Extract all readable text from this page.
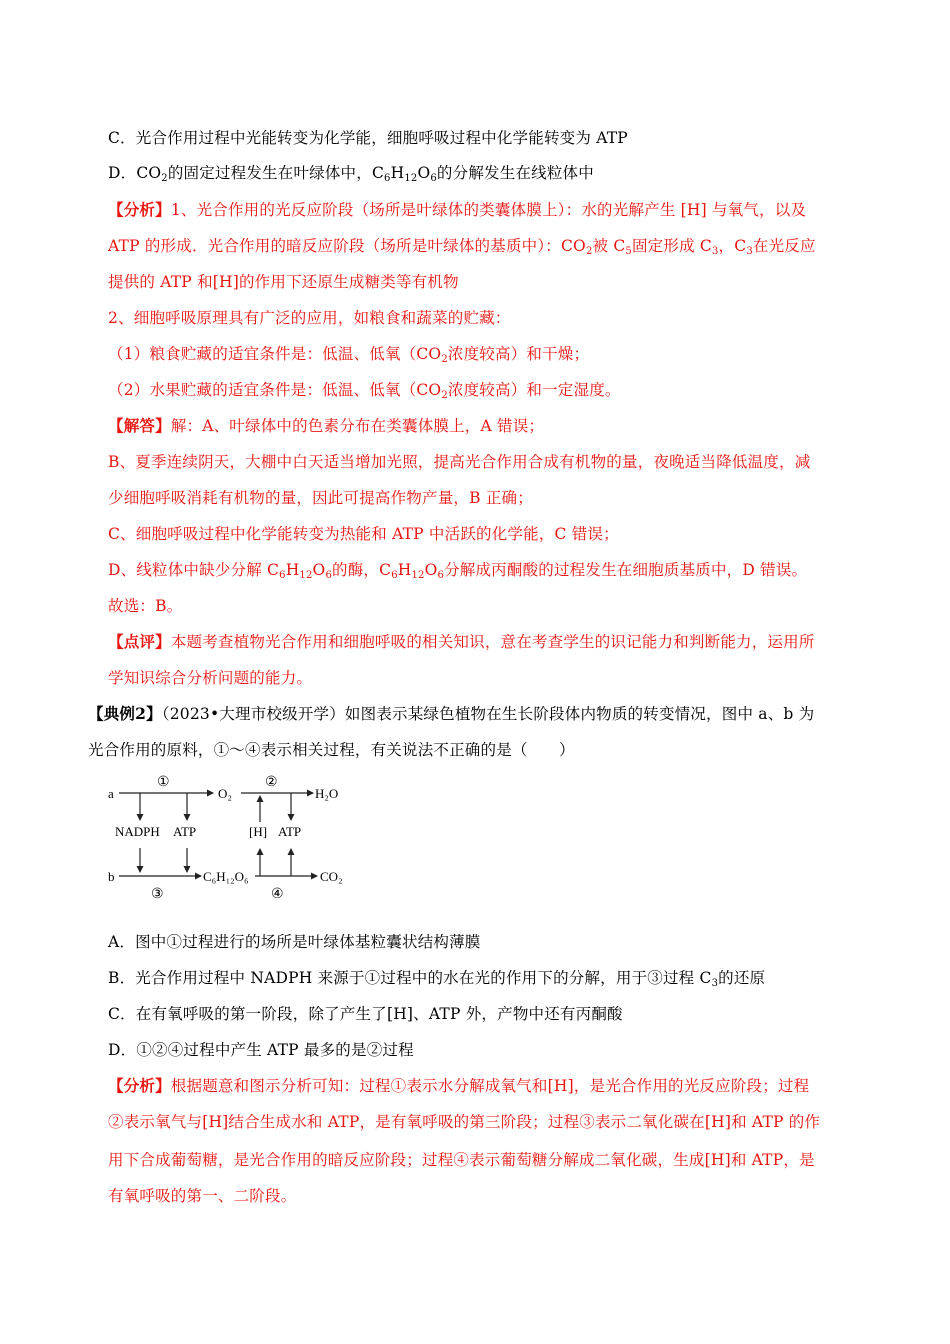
C．光合作用过程中光能转变为化学能，细胞呼吸过程中化学能转变为 ATP
D．$CO_2$的固定过程发生在叶绿体中，$C_6H_{12}O_6$的分解发生在线粒体中
【分析】1、光合作用的光反应阶段（场所是叶绿体的类囊体膜上）：水的光解产生 [H] 与氧气，以及
ATP 的形成．光合作用的暗反应阶段（场所是叶绿体的基质中）：$CO_2$被 $C_5$固定形成 $C_3$，$C_3$在光反应
提供的 ATP 和[H]的作用下还原生成糖类等有机物
2、细胞呼吸原理具有广泛的应用，如粮食和蔬菜的贮藏：
（1）粮食贮藏的适宜条件是：低温、低氧（$CO_2$浓度较高）和干燥；
（2）水果贮藏的适宜条件是：低温、低氧（$CO_2$浓度较高）和一定湿度。
【解答】解：A、叶绿体中的色素分布在类囊体膜上，A 错误；
B、夏季连续阴天，大棚中白天适当增加光照，提高光合作用合成有机物的量，夜晚适当降低温度，减
少细胞呼吸消耗有机物的量，因此可提高作物产量，B 正确；
C、细胞呼吸过程中化学能转变为热能和 ATP 中活跃的化学能，C 错误；
D、线粒体中缺少分解 $C_6H_{12}O_6$的酶，$C_6H_{12}O_6$分解成丙酮酸的过程发生在细胞质基质中，D 错误。
故选：B。
【点评】本题考查植物光合作用和细胞呼吸的相关知识，意在考查学生的识记能力和判断能力，运用所
学知识综合分析问题的能力。
【典例2】（2023•大理市校级开学）如图表示某绿色植物在生长阶段体内物质的转变情况，图中 a、b 为
光合作用的原料，①～④表示相关过程，有关说法不正确的是（　　）
a
①
O₂
②
H₂O
NADPH ATP	[H] ATP
b
③
C₆H₁₂O₆
④
CO₂
A．图中①过程进行的场所是叶绿体基粒囊状结构薄膜
B．光合作用过程中 NADPH 来源于①过程中的水在光的作用下的分解，用于③过程 $C_3$的还原
C．在有氧呼吸的第一阶段，除了产生了[H]、ATP 外，产物中还有丙酮酸
D．①②④过程中产生 ATP 最多的是②过程
【分析】根据题意和图示分析可知：过程①表示水分解成氧气和[H]，是光合作用的光反应阶段；过程
②表示氧气与[H]结合生成水和 ATP，是有氧呼吸的第三阶段；过程③表示二氧化碳在[H]和 ATP 的作
用下合成葡萄糖，是光合作用的暗反应阶段；过程④表示葡萄糖分解成二氧化碳，生成[H]和 ATP，是
有氧呼吸的第一、二阶段。
